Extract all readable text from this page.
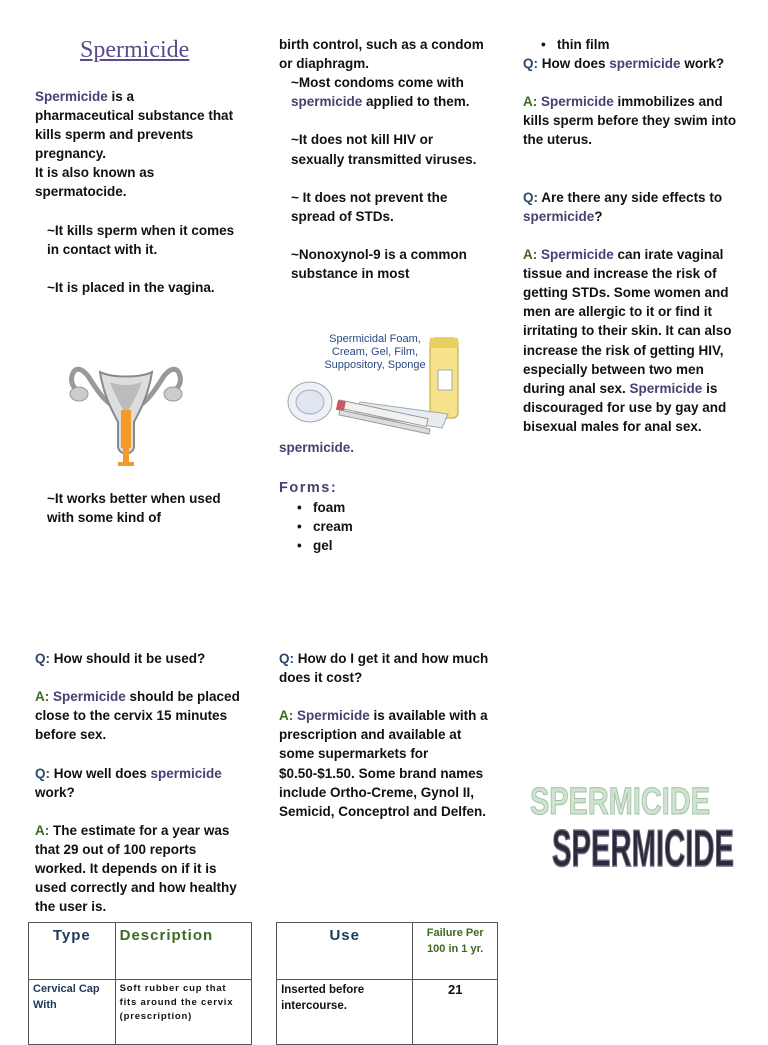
Spermicide

Spermicide is a pharmaceutical substance that kills sperm and prevents pregnancy.

It is also known as spermatocide.

~It kills sperm when it comes in contact with it.

~It is placed in the vagina.

~It works better when used with some kind of

birth control, such as a condom or diaphragm.

~Most condoms come with spermicide applied to them.

~It does not kill HIV or sexually transmitted viruses.

~ It does not prevent the spread of STDs.

~Nonoxynol-9 is a common substance in most

Spermicidal Foam,
Cream, Gel, Film,
Suppository, Sponge

spermicide.

Forms:

• foam
• cream
• gel
• thin film

Q: How does spermicide work?

A: Spermicide immobilizes and kills sperm before they swim into the uterus.

Q: Are there any side effects to spermicide?

A: Spermicide can irate vaginal tissue and increase the risk of getting STDs. Some women and men are allergic to it or find it irritating to their skin. It can also increase the risk of getting HIV, especially between two men during anal sex. Spermicide is discouraged for use by gay and bisexual males for anal sex.

Q: How should it be used?

A: Spermicide should be placed close to the cervix 15 minutes before sex.

Q: How well does spermicide work?

A: The estimate for a year was that 29 out of 100 reports worked. It depends on if it is used correctly and how healthy the user is.

Q: How do I get it and how much does it cost?

A: Spermicide is available with a prescription and available at some supermarkets for $0.50-$1.50. Some brand names include Ortho-Creme, Gynol II, Semicid, Conceptrol and Delfen. SPERMICIDE
SPERMICIDE
Type	Description		Use	Failure Per 100 in 1 yr.
Cervical Cap With	Soft rubber cup that fits around the cervix (prescription)		Inserted before intercourse.	21
